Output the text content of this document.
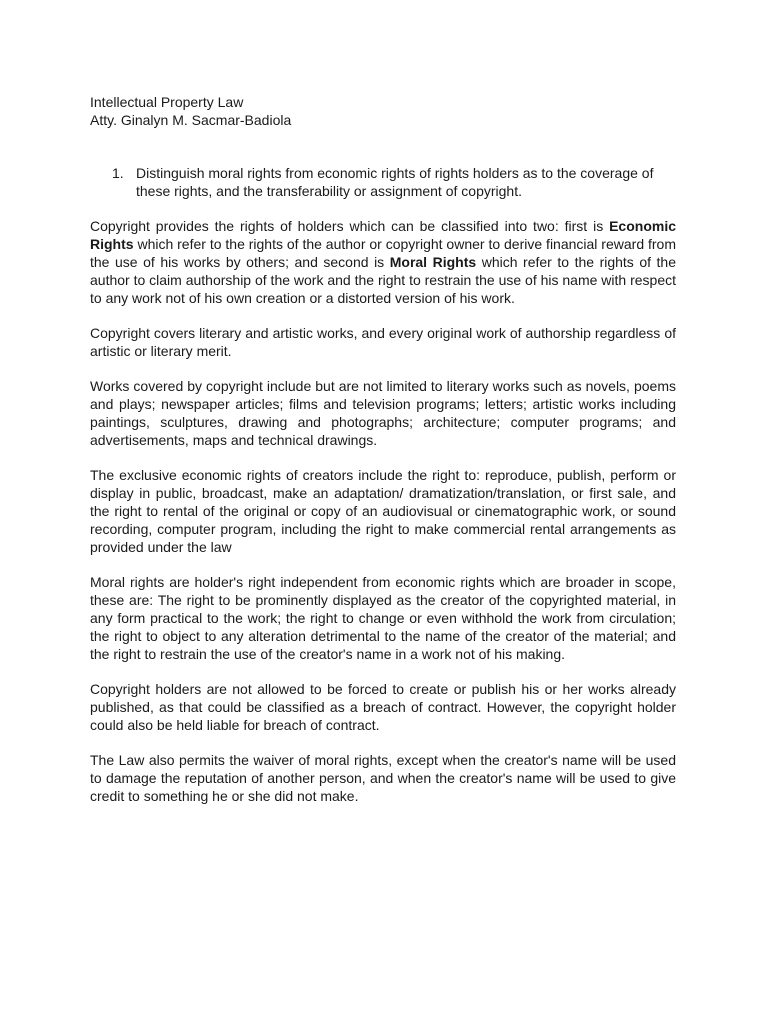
Intellectual Property Law
Atty. Ginalyn M. Sacmar-Badiola
1. Distinguish moral rights from economic rights of rights holders as to the coverage of these rights, and the transferability or assignment of copyright.

Copyright provides the rights of holders which can be classified into two: first is Economic Rights which refer to the rights of the author or copyright owner to derive financial reward from the use of his works by others; and second is Moral Rights which refer to the rights of the author to claim authorship of the work and the right to restrain the use of his name with respect to any work not of his own creation or a distorted version of his work.

Copyright covers literary and artistic works, and every original work of authorship regardless of artistic or literary merit.

Works covered by copyright include but are not limited to literary works such as novels, poems and plays; newspaper articles; films and television programs; letters; artistic works including paintings, sculptures, drawing and photographs; architecture; computer programs; and advertisements, maps and technical drawings.

The exclusive economic rights of creators include the right to: reproduce, publish, perform or display in public, broadcast, make an adaptation/ dramatization/translation, or first sale, and the right to rental of the original or copy of an audiovisual or cinematographic work, or sound recording, computer program, including the right to make commercial rental arrangements as provided under the law

Moral rights are holder's right independent from economic rights which are broader in scope, these are: The right to be prominently displayed as the creator of the copyrighted material, in any form practical to the work; the right to change or even withhold the work from circulation; the right to object to any alteration detrimental to the name of the creator of the material; and the right to restrain the use of the creator's name in a work not of his making.

Copyright holders are not allowed to be forced to create or publish his or her works already published, as that could be classified as a breach of contract. However, the copyright holder could also be held liable for breach of contract.

The Law also permits the waiver of moral rights, except when the creator's name will be used to damage the reputation of another person, and when the creator's name will be used to give credit to something he or she did not make.
